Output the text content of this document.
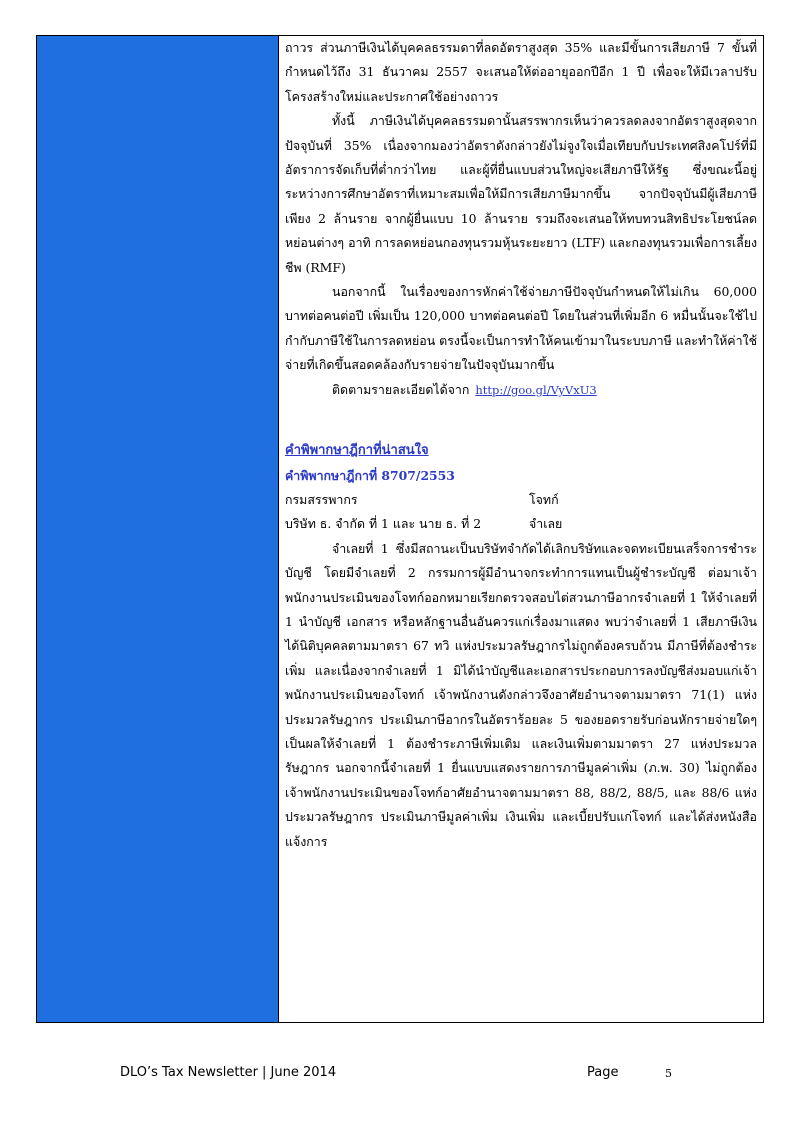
ถาวร ส่วนภาษีเงินได้บุคคลธรรมดาที่ลดอัตราสูงสุด 35% และมีขั้นการเสียภาษี 7 ขั้นที่กำหนดไว้ถึง 31 ธันวาคม 2557 จะเสนอให้ต่ออายุออกปีอีก 1 ปี เพื่อจะให้มีเวลาปรับโครงสร้างใหม่และประกาศใช้อย่างถาวร

ทั้งนี้ ภาษีเงินได้บุคคลธรรมดานั้นสรรพากรเห็นว่าควรลดลงจากอัตราสูงสุดจากปัจจุบันที่ 35% เนื่องจากมองว่าอัตราดังกล่าวยังไม่จูงใจเมื่อเทียบกับประเทศสิงคโปร์ที่มีอัตราการจัดเก็บที่ต่ำกว่าไทย และผู้ที่ยื่นแบบส่วนใหญ่จะเสียภาษีให้รัฐ ซึ่งขณะนี้อยู่ระหว่างการศึกษาอัตราที่เหมาะสมเพื่อให้มีการเสียภาษีมากขึ้น จากปัจจุบันมีผู้เสียภาษีเพียง 2 ล้านราย จากผู้ยื่นแบบ 10 ล้านราย รวมถึงจะเสนอให้ทบทวนสิทธิประโยชน์ลดหย่อนต่างๆ อาทิ การลดหย่อนกองทุนรวมหุ้นระยะยาว (LTF) และกองทุนรวมเพื่อการเลี้ยงชีพ (RMF)

นอกจากนี้ ในเรื่องของการหักค่าใช้จ่ายภาษีปัจจุบันกำหนดให้ไม่เกิน 60,000 บาทต่อคนต่อปี เพิ่มเป็น 120,000 บาทต่อคนต่อปี โดยในส่วนที่เพิ่มอีก 6 หมื่นนั้นจะใช้ไปกำกับภาษีใช้ในการลดหย่อน ตรงนี้จะเป็นการทำให้คนเข้ามาในระบบภาษี และทำให้ค่าใช้จ่ายที่เกิดขึ้นสอดคล้องกับรายจ่ายในปัจจุบันมากขึ้น

ติดตามรายละเอียดได้จาก http://goo.gl/VyVxU3

คำพิพากษาฎีกาที่น่าสนใจ

คำพิพากษาฎีกาที่ 8707/2553

กรมสรรพากร	โจทก์
บริษัท ธ. จำกัด ที่ 1 และ นาย ธ. ที่ 2	จำเลย

จำเลยที่ 1 ซึ่งมีสถานะเป็นบริษัทจำกัดได้เลิกบริษัทและจดทะเบียนเสร็จการชำระบัญชี โดยมีจำเลยที่ 2 กรรมการผู้มีอำนาจกระทำการแทนเป็นผู้ชำระบัญชี ต่อมาเจ้าพนักงานประเมินของโจทก์ออกหมายเรียกตรวจสอบไต่สวนภาษีอากรจำเลยที่ 1 ให้จำเลยที่ 1 นำบัญชี เอกสาร หรือหลักฐานอื่นอันควรแก่เรื่องมาแสดง พบว่าจำเลยที่ 1 เสียภาษีเงินได้นิติบุคคลตามมาตรา 67 ทวิ แห่งประมวลรัษฎากรไม่ถูกต้องครบถ้วน มีภาษีที่ต้องชำระเพิ่ม และเนื่องจากจำเลยที่ 1 มิได้นำบัญชีและเอกสารประกอบการลงบัญชีส่งมอบแก่เจ้าพนักงานประเมินของโจทก์ เจ้าพนักงานดังกล่าวจึงอาศัยอำนาจตามมาตรา 71(1) แห่งประมวลรัษฎากร ประเมินภาษีอากรในอัตราร้อยละ 5 ของยอดรายรับก่อนหักรายจ่ายใดๆ เป็นผลให้จำเลยที่ 1 ต้องชำระภาษีเพิ่มเติม และเงินเพิ่มตามมาตรา 27 แห่งประมวลรัษฎากร นอกจากนี้จำเลยที่ 1 ยื่นแบบแสดงรายการภาษีมูลค่าเพิ่ม (ภ.พ. 30) ไม่ถูกต้อง เจ้าพนักงานประเมินของโจทก์อาศัยอำนาจตามมาตรา 88, 88/2, 88/5, และ 88/6 แห่งประมวลรัษฎากร ประเมินภาษีมูลค่าเพิ่ม เงินเพิ่ม และเบี้ยปรับแก่โจทก์ และได้ส่งหนังสือแจ้งการ

DLO’s Tax Newsletter | June 2014	Page	5
